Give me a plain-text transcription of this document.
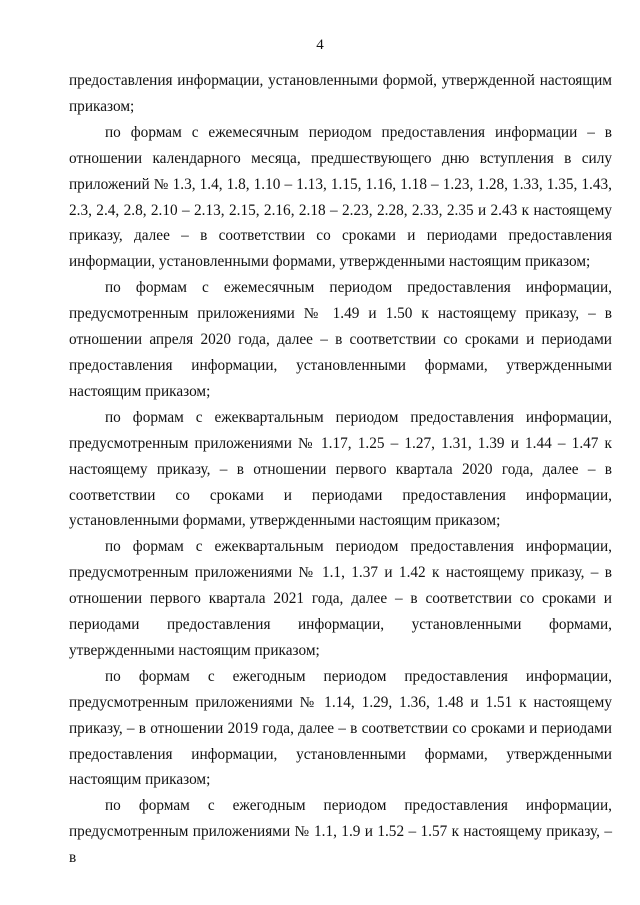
4

предоставления информации, установленными формой, утвержденной настоящим приказом;

по формам с ежемесячным периодом предоставления информации – в отношении календарного месяца, предшествующего дню вступления в силу приложений № 1.3, 1.4, 1.8, 1.10 – 1.13, 1.15, 1.16, 1.18 – 1.23, 1.28, 1.33, 1.35, 1.43, 2.3, 2.4, 2.8, 2.10 – 2.13, 2.15, 2.16, 2.18 – 2.23, 2.28, 2.33, 2.35 и 2.43 к настоящему приказу, далее – в соответствии со сроками и периодами предоставления информации, установленными формами, утвержденными настоящим приказом;

по формам с ежемесячным периодом предоставления информации, предусмотренным приложениями № 1.49 и 1.50 к настоящему приказу, – в отношении апреля 2020 года, далее – в соответствии со сроками и периодами предоставления информации, установленными формами, утвержденными настоящим приказом;

по формам с ежеквартальным периодом предоставления информации, предусмотренным приложениями № 1.17, 1.25 – 1.27, 1.31, 1.39 и 1.44 – 1.47 к настоящему приказу, – в отношении первого квартала 2020 года, далее – в соответствии со сроками и периодами предоставления информации, установленными формами, утвержденными настоящим приказом;

по формам с ежеквартальным периодом предоставления информации, предусмотренным приложениями № 1.1, 1.37 и 1.42 к настоящему приказу, – в отношении первого квартала 2021 года, далее – в соответствии со сроками и периодами предоставления информации, установленными формами, утвержденными настоящим приказом;

по формам с ежегодным периодом предоставления информации, предусмотренным приложениями № 1.14, 1.29, 1.36, 1.48 и 1.51 к настоящему приказу, – в отношении 2019 года, далее – в соответствии со сроками и периодами предоставления информации, установленными формами, утвержденными настоящим приказом;

по формам с ежегодным периодом предоставления информации, предусмотренным приложениями № 1.1, 1.9 и 1.52 – 1.57 к настоящему приказу, – в
